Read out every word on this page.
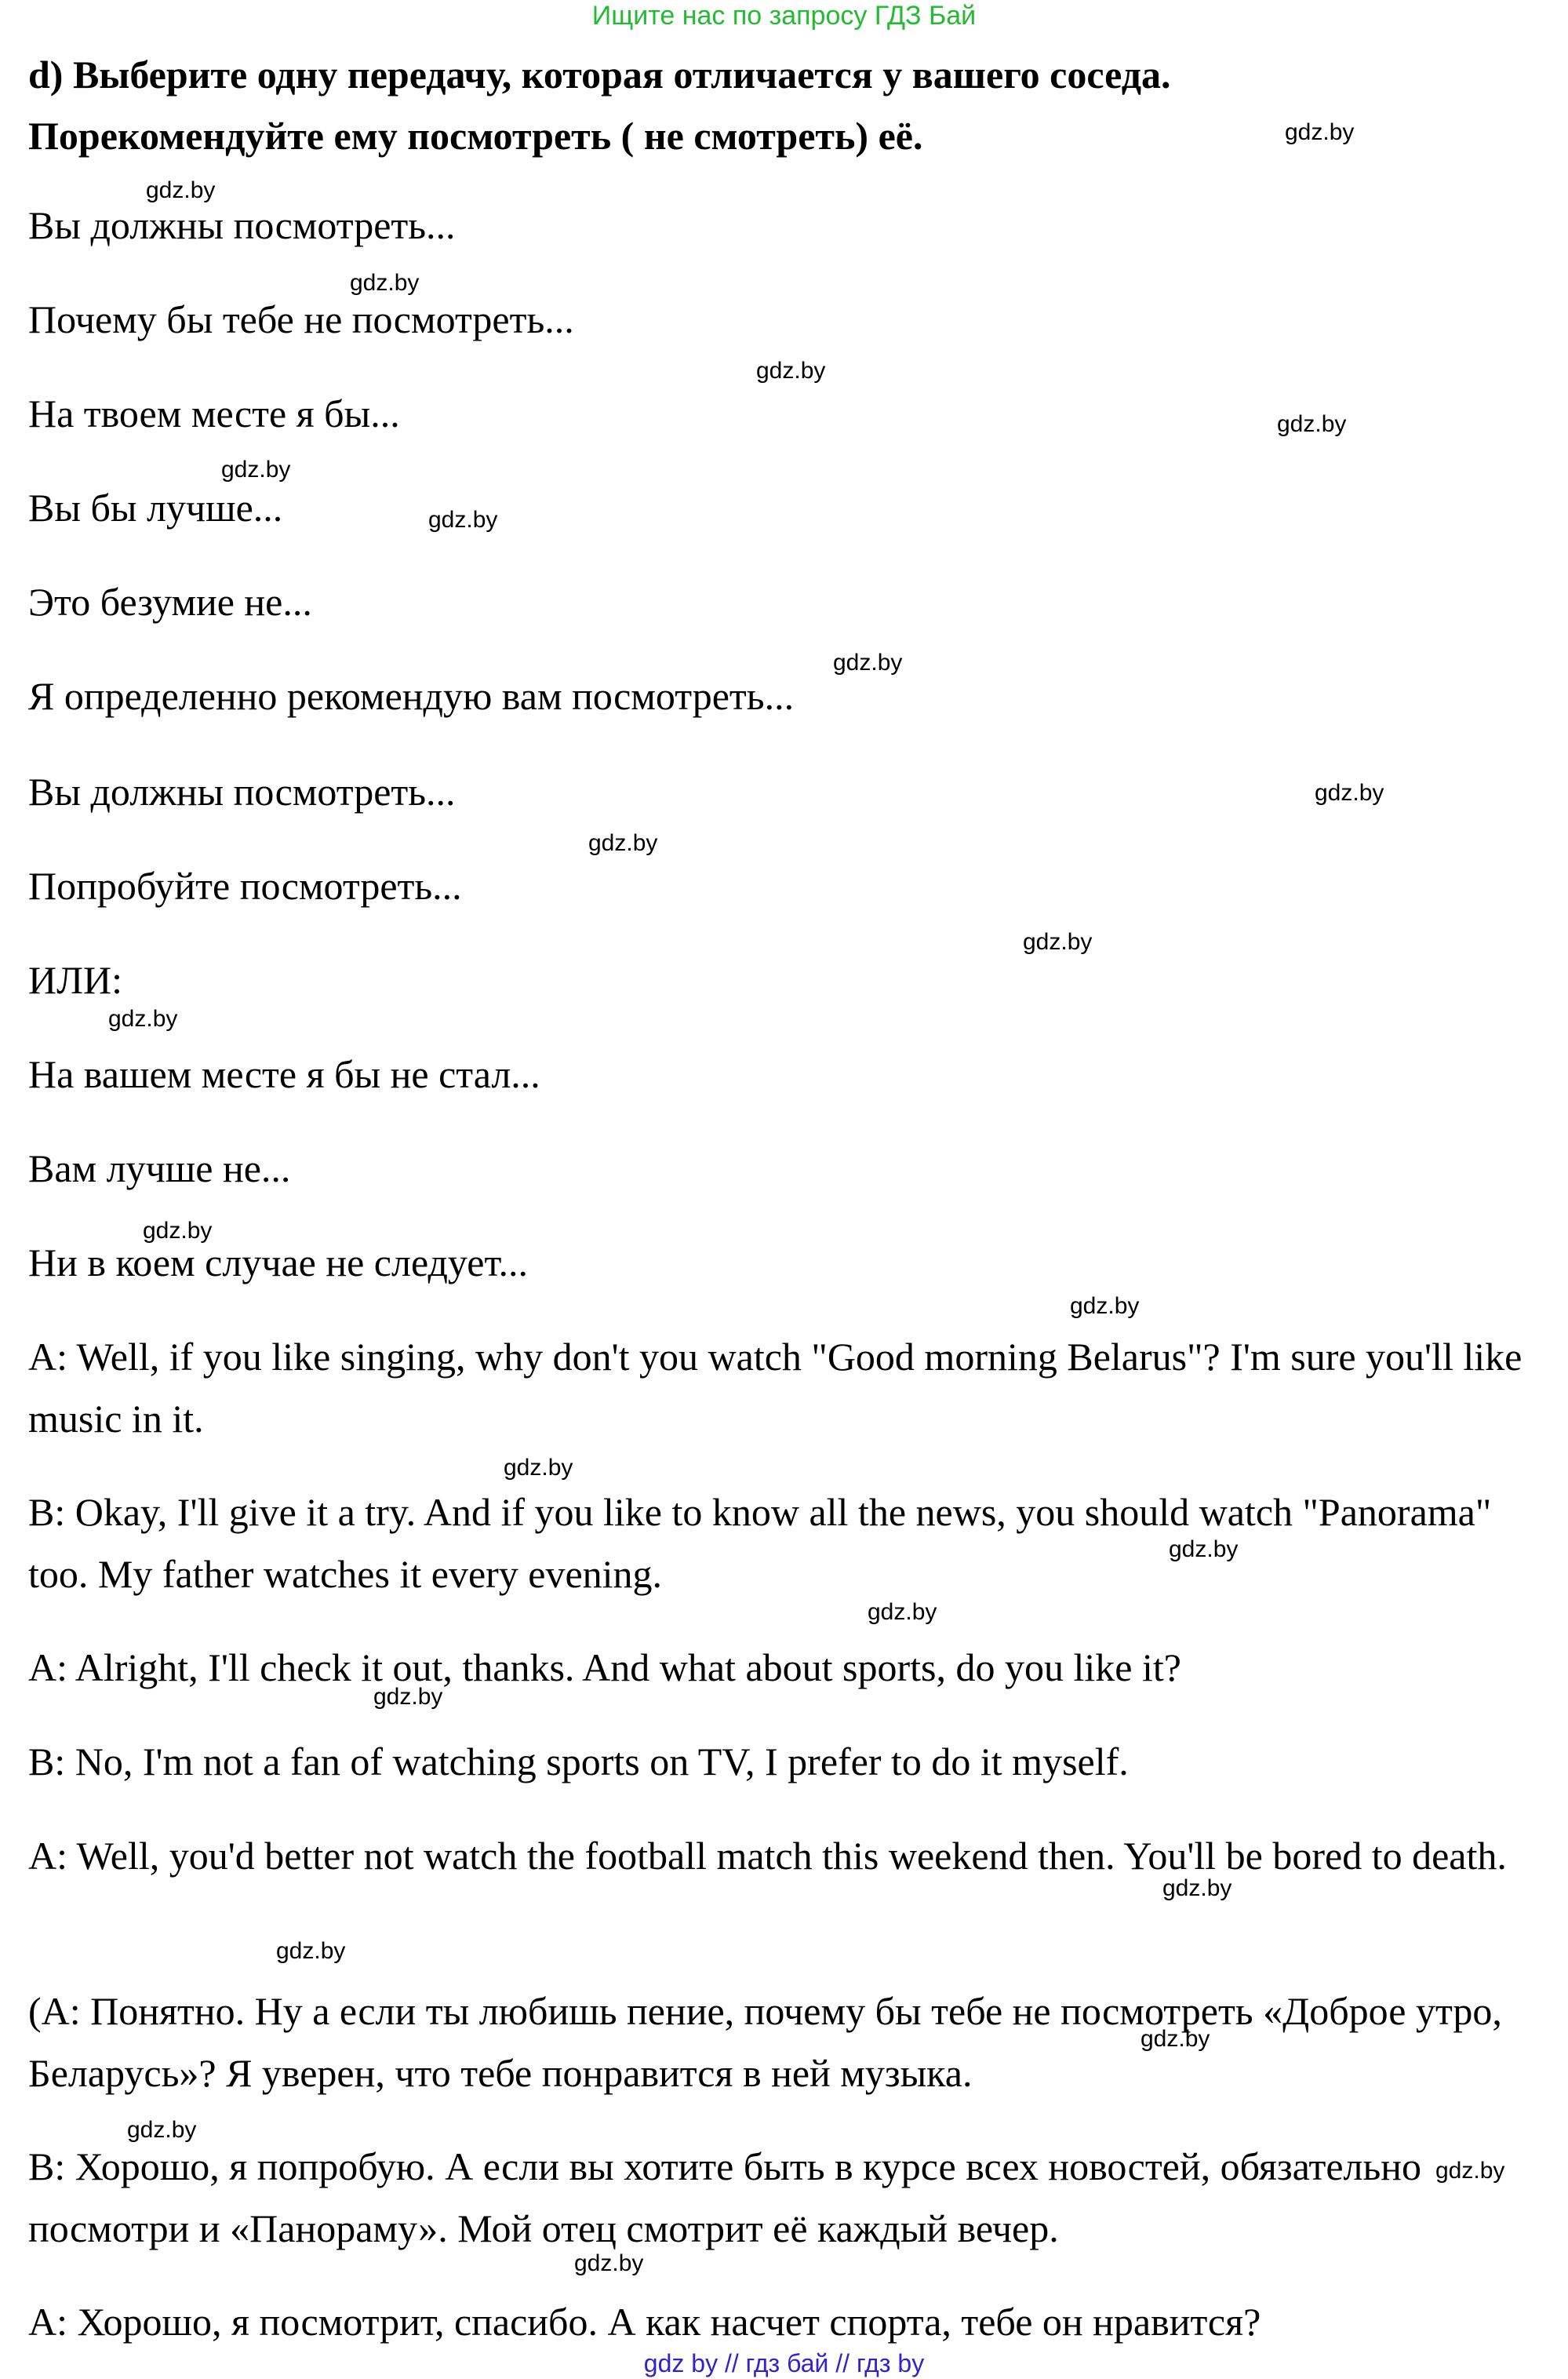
Ищите нас по запросу ГДЗ Бай
d) Выберите одну передачу, которая отличается у вашего соседа.
Порекомендуйте ему посмотреть ( не смотреть) её.
Вы должны посмотреть...
Почему бы тебе не посмотреть...
На твоем месте я бы...
Вы бы лучше...
Это безумие не...
Я определенно рекомендую вам посмотреть...
Вы должны посмотреть...
Попробуйте посмотреть...
ИЛИ:
На вашем месте я бы не стал...
Вам лучше не...
Ни в коем случае не следует...
A: Well, if you like singing, why don't you watch "Good morning Belarus"? I'm sure you'll like music in it.
B: Okay, I'll give it a try. And if you like to know all the news, you should watch "Panorama" too. My father watches it every evening.
A: Alright, I'll check it out, thanks. And what about sports, do you like it?
B: No, I'm not a fan of watching sports on TV, I prefer to do it myself.
A: Well, you'd better not watch the football match this weekend then. You'll be bored to death.
(А: Понятно. Ну а если ты любишь пение, почему бы тебе не посмотреть «Доброе утро, Беларусь»? Я уверен, что тебе понравится в ней музыка.
B: Хорошо, я попробую. А если вы хотите быть в курсе всех новостей, обязательно посмотри и «Панораму». Мой отец смотрит её каждый вечер.
A: Хорошо, я посмотрит, спасибо. А как насчет спорта, тебе он нравится?
gdz.by
gdz.by
gdz.by
gdz.by
gdz.by
gdz.by
gdz.by
gdz.by
gdz.by
gdz.by
gdz.by
gdz.by
gdz.by
gdz.by
gdz.by
gdz.by
gdz.by
gdz.by
gdz.by
gdz.by
gdz.by
gdz.by
gdz.by
gdz.by
gdz by // гдз бай // гдз by
